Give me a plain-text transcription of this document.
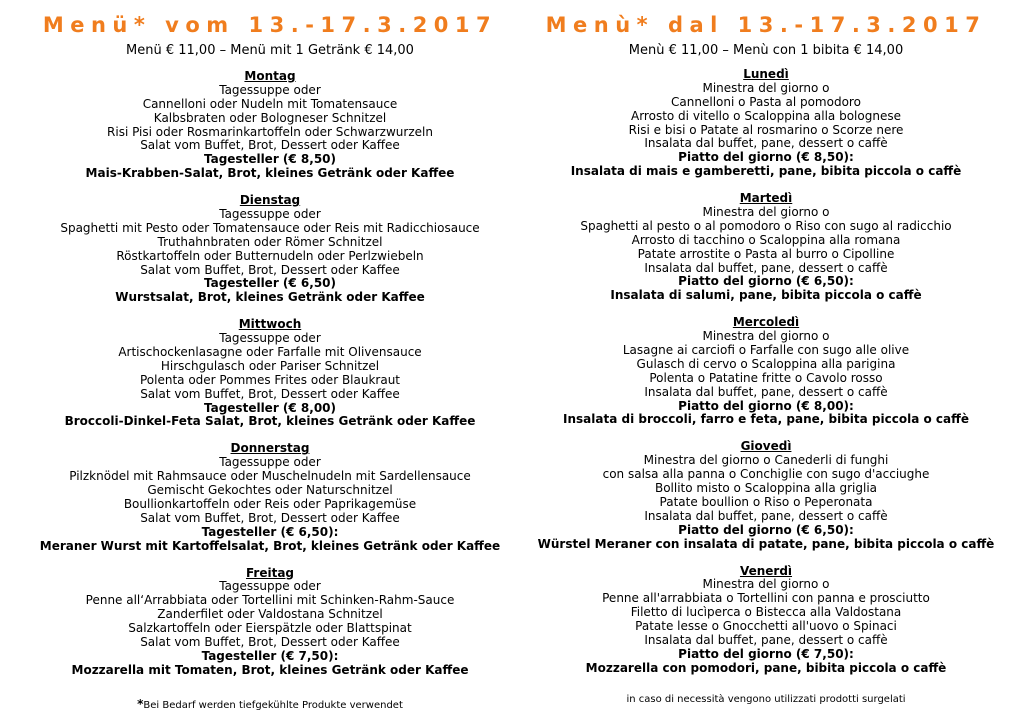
Menü* vom 13.-17.3.2017
Menü € 11,00 – Menü mit 1 Getränk € 14,00
Montag
Tagessuppe oder
Cannelloni oder Nudeln mit Tomatensauce
Kalbsbraten oder Bologneser Schnitzel
Risi Pisi oder Rosmarinkartoffeln oder Schwarzwurzeln
Salat vom Buffet, Brot, Dessert oder Kaffee
Tagesteller (€ 8,50)
Mais-Krabben-Salat, Brot, kleines Getränk oder Kaffee
Dienstag
Tagessuppe oder
Spaghetti mit Pesto oder Tomatensauce oder Reis mit Radicchiosauce
Truthahnbraten oder Römer Schnitzel
Röstkartoffeln oder Butternudeln oder Perlzwiebeln
Salat vom Buffet, Brot, Dessert oder Kaffee
Tagesteller (€ 6,50)
Wurstsalat, Brot, kleines Getränk oder Kaffee
Mittwoch
Tagessuppe oder
Artischockenlasagne oder Farfalle mit Olivensauce
Hirschgulasch oder Pariser Schnitzel
Polenta oder Pommes Frites oder Blaukraut
Salat vom Buffet, Brot, Dessert oder Kaffee
Tagesteller (€ 8,00)
Broccoli-Dinkel-Feta Salat, Brot, kleines Getränk oder Kaffee
Donnerstag
Tagessuppe oder
Pilzknödel mit Rahmsauce oder Muschelnudeln mit Sardellensauce
Gemischt Gekochtes oder Naturschnitzel
Boullionkartoffeln oder Reis oder Paprikagemüse
Salat vom Buffet, Brot, Dessert oder Kaffee
Tagesteller (€ 6,50):
Meraner Wurst mit Kartoffelsalat, Brot, kleines Getränk oder Kaffee
Freitag
Tagessuppe oder
Penne all‘Arrabbiata oder Tortellini mit Schinken-Rahm-Sauce
Zanderfilet oder Valdostana Schnitzel
Salzkartoffeln oder Eierspätzle oder Blattspinat
Salat vom Buffet, Brot, Dessert oder Kaffee
Tagesteller (€ 7,50):
Mozzarella mit Tomaten, Brot, kleines Getränk oder Kaffee
*Bei Bedarf werden tiefgekühlte Produkte verwendet
Menù* dal 13.-17.3.2017
Menù € 11,00 – Menù con 1 bibita € 14,00
Lunedì
Minestra del giorno o
Cannelloni o Pasta al pomodoro
Arrosto di vitello o Scaloppina alla bolognese
Risi e bisi o Patate al rosmarino o Scorze nere
Insalata dal buffet, pane, dessert o caffè
Piatto del giorno (€ 8,50):
Insalata di mais e gamberetti, pane, bibita piccola o caffè
Martedì
Minestra del giorno o
Spaghetti al pesto o al pomodoro o Riso con sugo al radicchio
Arrosto di tacchino o Scaloppina alla romana
Patate arrostite o Pasta al burro o Cipolline
Insalata dal buffet, pane, dessert o caffè
Piatto del giorno (€ 6,50):
Insalata di salumi, pane, bibita piccola o caffè
Mercoledì
Minestra del giorno o
Lasagne ai carciofi o Farfalle con sugo alle olive
Gulasch di cervo o Scaloppina alla parigina
Polenta o Patatine fritte o Cavolo rosso
Insalata dal buffet, pane, dessert o caffè
Piatto del giorno (€ 8,00):
Insalata di broccoli, farro e feta, pane, bibita piccola o caffè
Giovedì
Minestra del giorno o Canederli di funghi
con salsa alla panna o Conchiglie con sugo d'acciughe
Bollito misto o Scaloppina alla griglia
Patate boullion o Riso o Peperonata
Insalata dal buffet, pane, dessert o caffè
Piatto del giorno (€ 6,50):
Würstel Meraner con insalata di patate, pane, bibita piccola o caffè
Venerdì
Minestra del giorno o
Penne all'arrabbiata o Tortellini con panna e prosciutto
Filetto di lucìperca o Bistecca alla Valdostana
Patate lesse o Gnocchetti all'uovo o Spinaci
Insalata dal buffet, pane, dessert o caffè
Piatto del giorno (€ 7,50):
Mozzarella con pomodori, pane, bibita piccola o caffè
in caso di necessità vengono utilizzati prodotti surgelati
